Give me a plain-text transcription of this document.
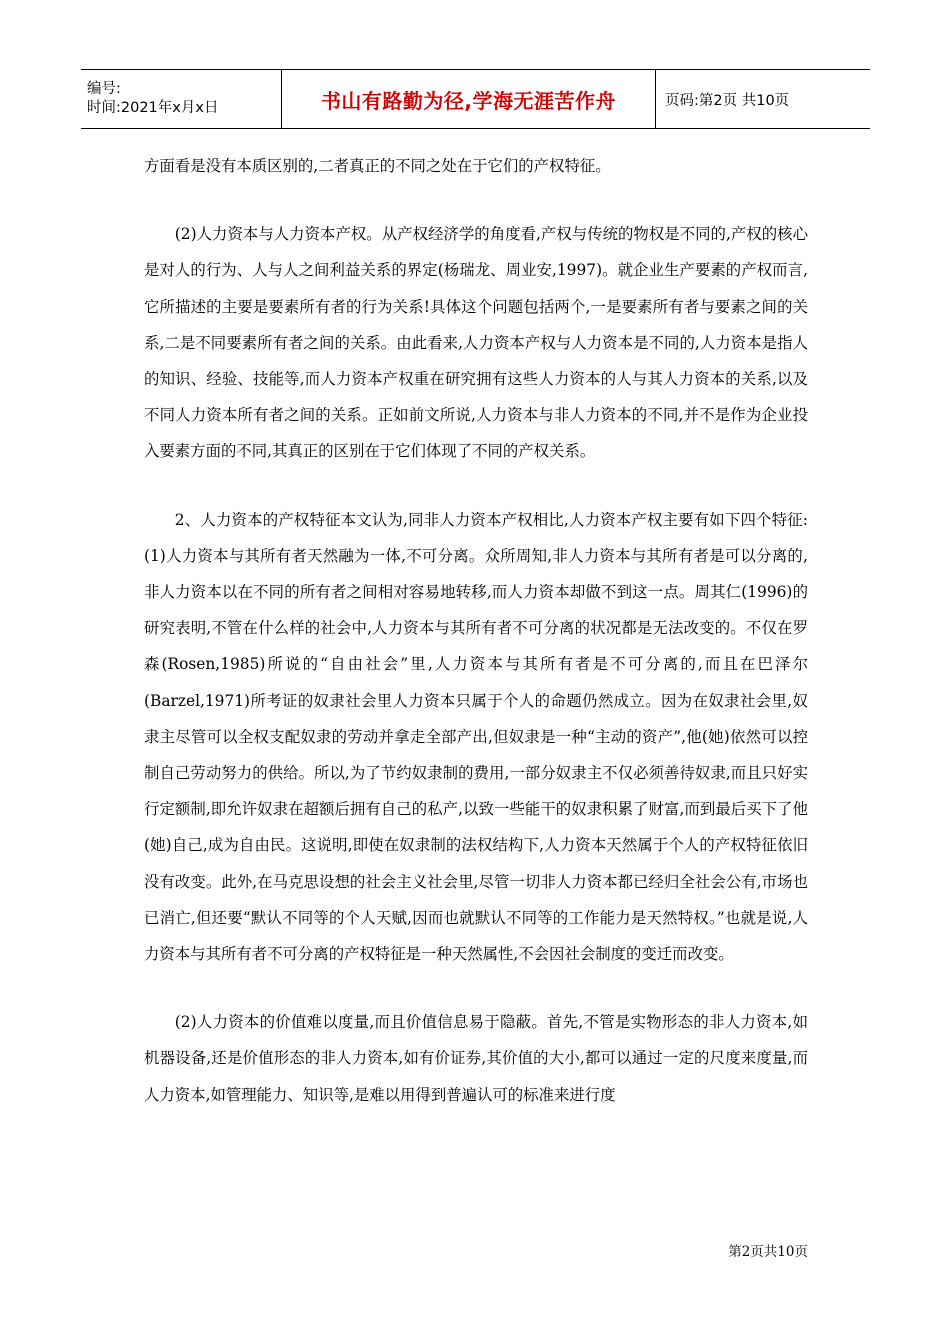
编号:
时间:2021年x月x日	书山有路勤为径,学海无涯苦作舟	页码:第2页 共10页

方面看是没有本质区别的,二者真正的不同之处在于它们的产权特征。

(2)人力资本与人力资本产权。从产权经济学的角度看,产权与传统的物权是不同的,产权的核心是对人的行为、人与人之间利益关系的界定(杨瑞龙、周业安,1997)。就企业生产要素的产权而言,它所描述的主要是要素所有者的行为关系!具体这个问题包括两个,一是要素所有者与要素之间的关系,二是不同要素所有者之间的关系。由此看来,人力资本产权与人力资本是不同的,人力资本是指人的知识、经验、技能等,而人力资本产权重在研究拥有这些人力资本的人与其人力资本的关系,以及不同人力资本所有者之间的关系。正如前文所说,人力资本与非人力资本的不同,并不是作为企业投入要素方面的不同,其真正的区别在于它们体现了不同的产权关系。

2、人力资本的产权特征本文认为,同非人力资本产权相比,人力资本产权主要有如下四个特征:(1)人力资本与其所有者天然融为一体,不可分离。众所周知,非人力资本与其所有者是可以分离的,非人力资本以在不同的所有者之间相对容易地转移,而人力资本却做不到这一点。周其仁(1996)的研究表明,不管在什么样的社会中,人力资本与其所有者不可分离的状况都是无法改变的。不仅在罗森(Rosen,1985)所说的“自由社会”里,人力资本与其所有者是不可分离的,而且在巴泽尔(Barzel,1971)所考证的奴隶社会里人力资本只属于个人的命题仍然成立。因为在奴隶社会里,奴隶主尽管可以全权支配奴隶的劳动并拿走全部产出,但奴隶是一种“主动的资产”,他(她)依然可以控制自己劳动努力的供给。所以,为了节约奴隶制的费用,一部分奴隶主不仅必须善待奴隶,而且只好实行定额制,即允许奴隶在超额后拥有自己的私产,以致一些能干的奴隶积累了财富,而到最后买下了他(她)自己,成为自由民。这说明,即使在奴隶制的法权结构下,人力资本天然属于个人的产权特征依旧没有改变。此外,在马克思设想的社会主义社会里,尽管一切非人力资本都已经归全社会公有,市场也已消亡,但还要“默认不同等的个人天赋,因而也就默认不同等的工作能力是天然特权。”也就是说,人力资本与其所有者不可分离的产权特征是一种天然属性,不会因社会制度的变迁而改变。

(2)人力资本的价值难以度量,而且价值信息易于隐蔽。首先,不管是实物形态的非人力资本,如机器设备,还是价值形态的非人力资本,如有价证券,其价值的大小,都可以通过一定的尺度来度量,而人力资本,如管理能力、知识等,是难以用得到普遍认可的标准来进行度

第2页共10页
